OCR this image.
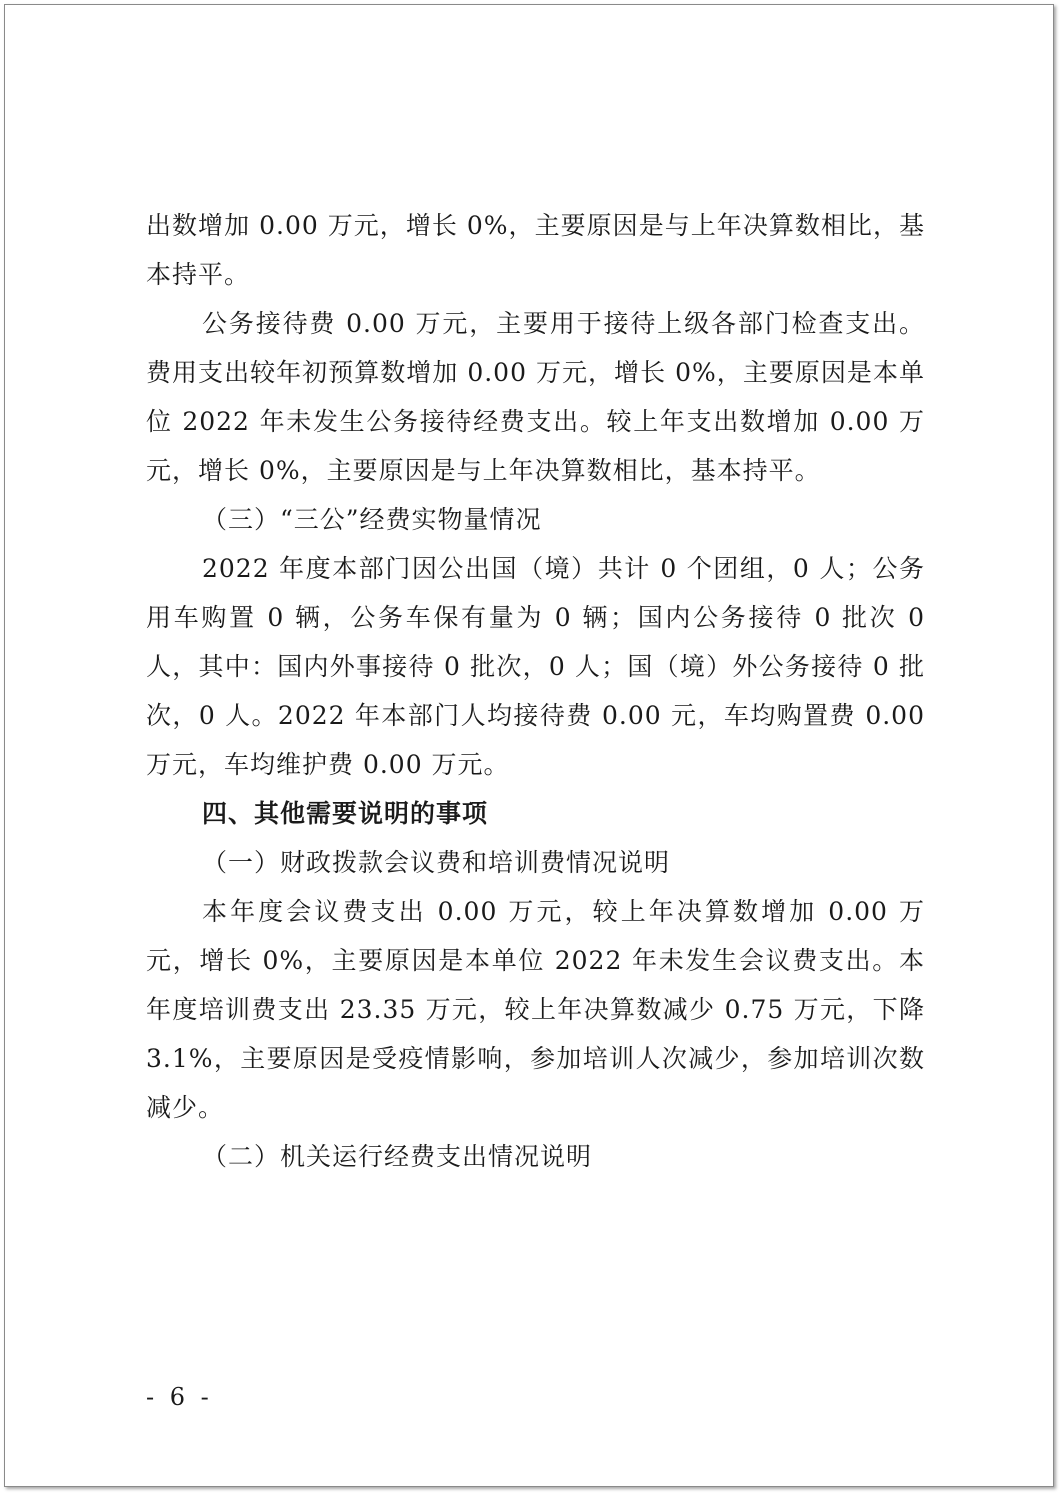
出数增加 0.00 万元，增长 0%，主要原因是与上年决算数相比，基本持平。

公务接待费 0.00 万元，主要用于接待上级各部门检查支出。费用支出较年初预算数增加 0.00 万元，增长 0%，主要原因是本单位 2022 年未发生公务接待经费支出。较上年支出数增加 0.00 万元，增长 0%，主要原因是与上年决算数相比，基本持平。

（三）“三公”经费实物量情况

2022 年度本部门因公出国（境）共计 0 个团组，0 人；公务用车购置 0 辆，公务车保有量为 0 辆；国内公务接待 0 批次 0 人，其中：国内外事接待 0 批次，0 人；国（境）外公务接待 0 批次，0 人。2022 年本部门人均接待费 0.00 元，车均购置费 0.00 万元，车均维护费 0.00 万元。

四、其他需要说明的事项

（一）财政拨款会议费和培训费情况说明

本年度会议费支出 0.00 万元，较上年决算数增加 0.00 万元，增长 0%，主要原因是本单位 2022 年未发生会议费支出。本年度培训费支出 23.35 万元，较上年决算数减少 0.75 万元，下降 3.1%，主要原因是受疫情影响，参加培训人次减少，参加培训次数减少。

（二）机关运行经费支出情况说明

- 6 -
